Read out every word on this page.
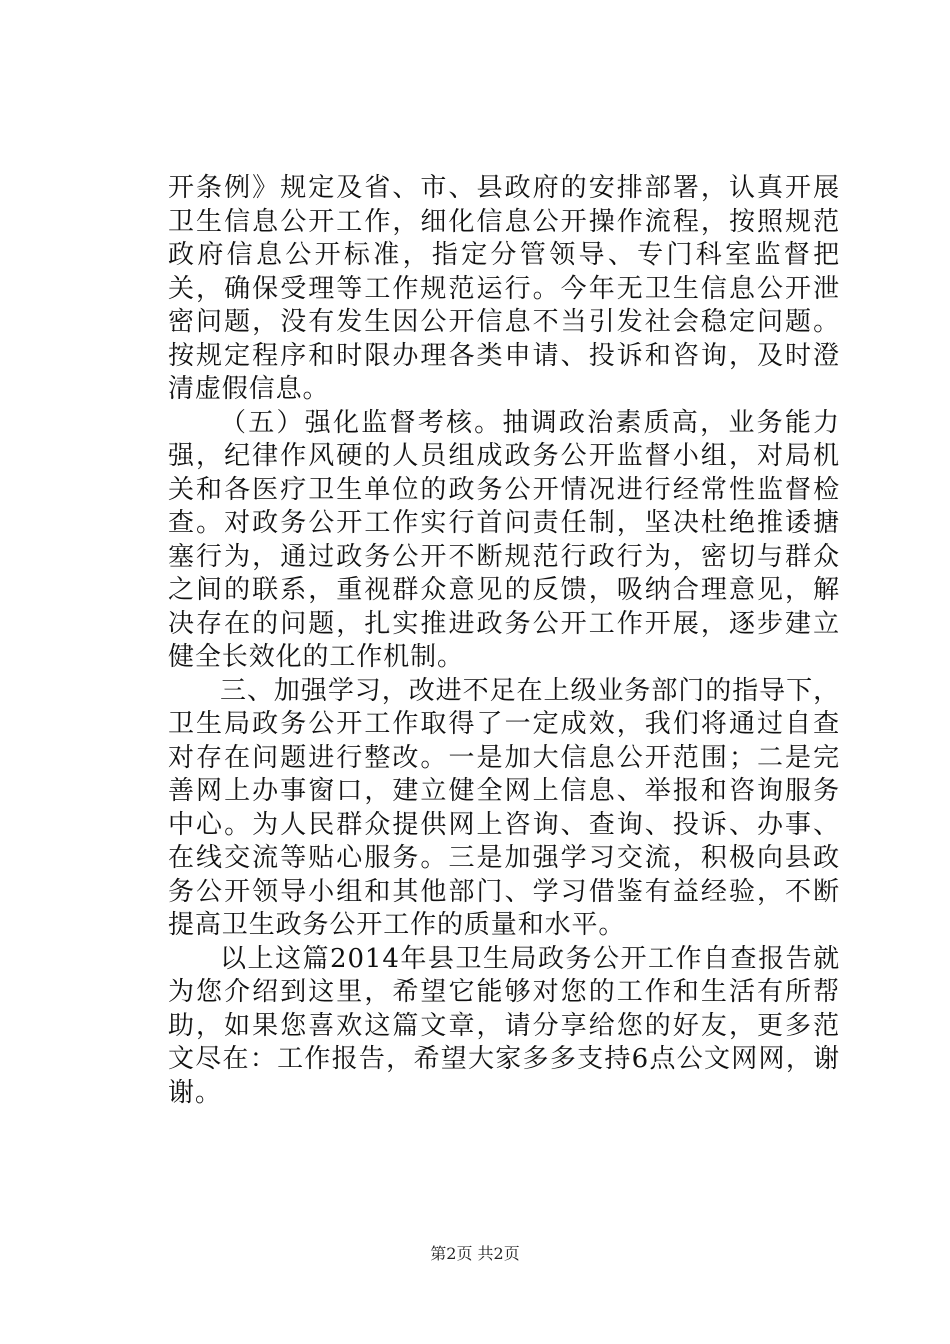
开条例》规定及省、市、县政府的安排部署，认真开展卫生信息公开工作，细化信息公开操作流程，按照规范政府信息公开标准，指定分管领导、专门科室监督把关，确保受理等工作规范运行。今年无卫生信息公开泄密问题，没有发生因公开信息不当引发社会稳定问题。按规定程序和时限办理各类申请、投诉和咨询，及时澄清虚假信息。

（五）强化监督考核。抽调政治素质高，业务能力强，纪律作风硬的人员组成政务公开监督小组，对局机关和各医疗卫生单位的政务公开情况进行经常性监督检查。对政务公开工作实行首问责任制，坚决杜绝推诿搪塞行为，通过政务公开不断规范行政行为，密切与群众之间的联系，重视群众意见的反馈，吸纳合理意见，解决存在的问题，扎实推进政务公开工作开展，逐步建立健全长效化的工作机制。

三、加强学习，改进不足在上级业务部门的指导下，卫生局政务公开工作取得了一定成效，我们将通过自查对存在问题进行整改。一是加大信息公开范围；二是完善网上办事窗口，建立健全网上信息、举报和咨询服务中心。为人民群众提供网上咨询、查询、投诉、办事、在线交流等贴心服务。三是加强学习交流，积极向县政务公开领导小组和其他部门、学习借鉴有益经验，不断提高卫生政务公开工作的质量和水平。

以上这篇2014年县卫生局政务公开工作自查报告就为您介绍到这里，希望它能够对您的工作和生活有所帮助，如果您喜欢这篇文章，请分享给您的好友，更多范文尽在：工作报告，希望大家多多支持6点公文网网，谢谢。

第2页 共2页
